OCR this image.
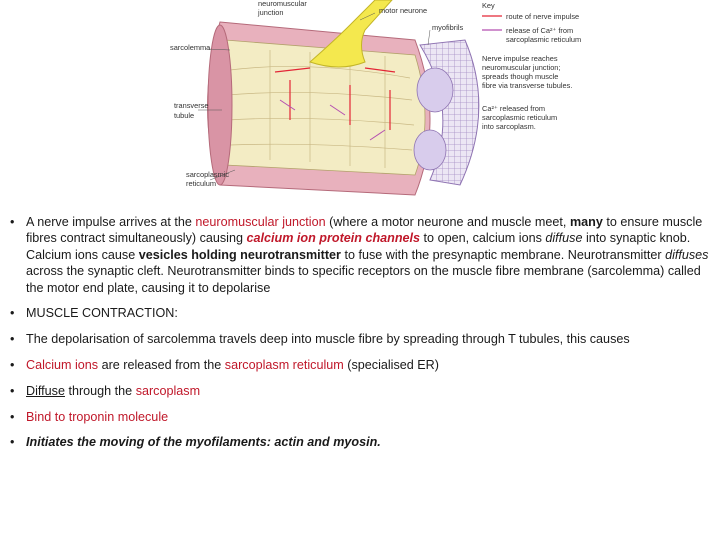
neuromuscular
junction	motor neurone
myofibrils
sarcolemma
transverse
tubule
sarcoplasmic
reticulum
Key
route of nerve impulse
release of Ca²⁺ from
sarcoplasmic reticulum
Nerve impulse reaches
neuromuscular junction;
spreads though muscle
fibre via transverse tubules.
Ca²⁺ released from
sarcoplasmic reticulum
into sarcoplasm.
• A nerve impulse arrives at the neuromuscular junction (where a motor neurone and muscle meet, many to ensure muscle fibres contract simultaneously) causing calcium ion protein channels to open, calcium ions diffuse into synaptic knob. Calcium ions cause vesicles holding neurotransmitter to fuse with the presynaptic membrane. Neurotransmitter diffuses across the synaptic cleft. Neurotransmitter binds to specific receptors on the muscle fibre membrane (sarcolemma) called the motor end plate, causing it to depolarise
• MUSCLE CONTRACTION:
• The depolarisation of sarcolemma travels deep into muscle fibre by spreading through T tubules, this causes
• Calcium ions are released from the sarcoplasm reticulum (specialised ER)
• Diffuse through the sarcoplasm
• Bind to troponin molecule
• Initiates the moving of the myofilaments: actin and myosin.
